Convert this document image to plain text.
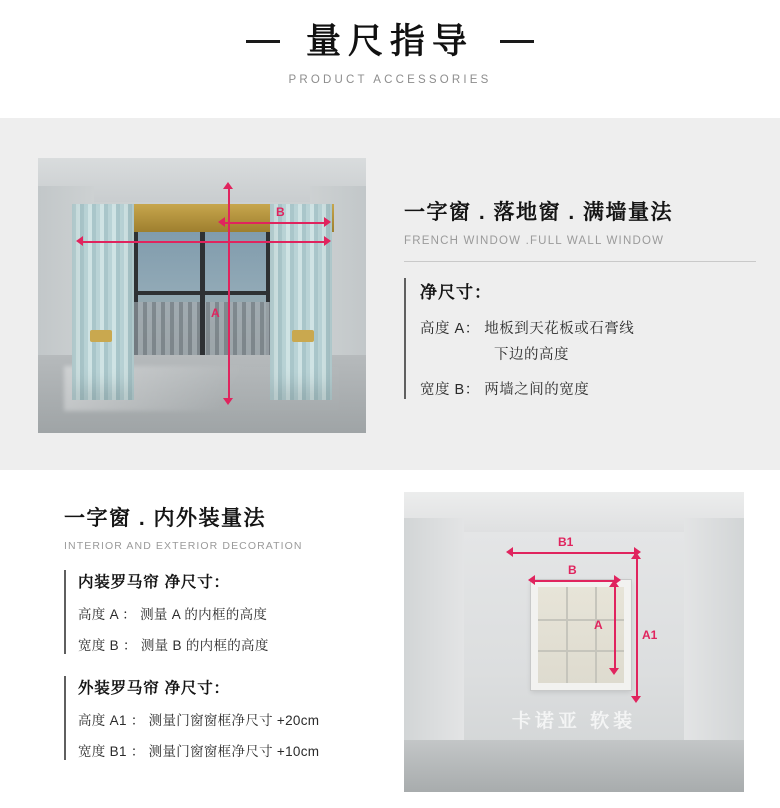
量尺指导
PRODUCT ACCESSORIES
B
A
一字窗 . 落地窗 . 满墙量法
FRENCH WINDOW .FULL WALL WINDOW
净尺寸：
高度 A： 地板到天花板或石膏线
下边的高度
宽度 B： 两墙之间的宽度
一字窗 . 内外装量法
INTERIOR AND EXTERIOR DECORATION
内装罗马帘 净尺寸：
高度 A ： 测量 A 的内框的高度
宽度 B ： 测量 B 的内框的高度
外装罗马帘 净尺寸：
高度 A1 ： 测量门窗窗框净尺寸 +20cm
宽度 B1 ： 测量门窗窗框净尺寸 +10cm
卡诺亚 软装
B1
B
A
A1
